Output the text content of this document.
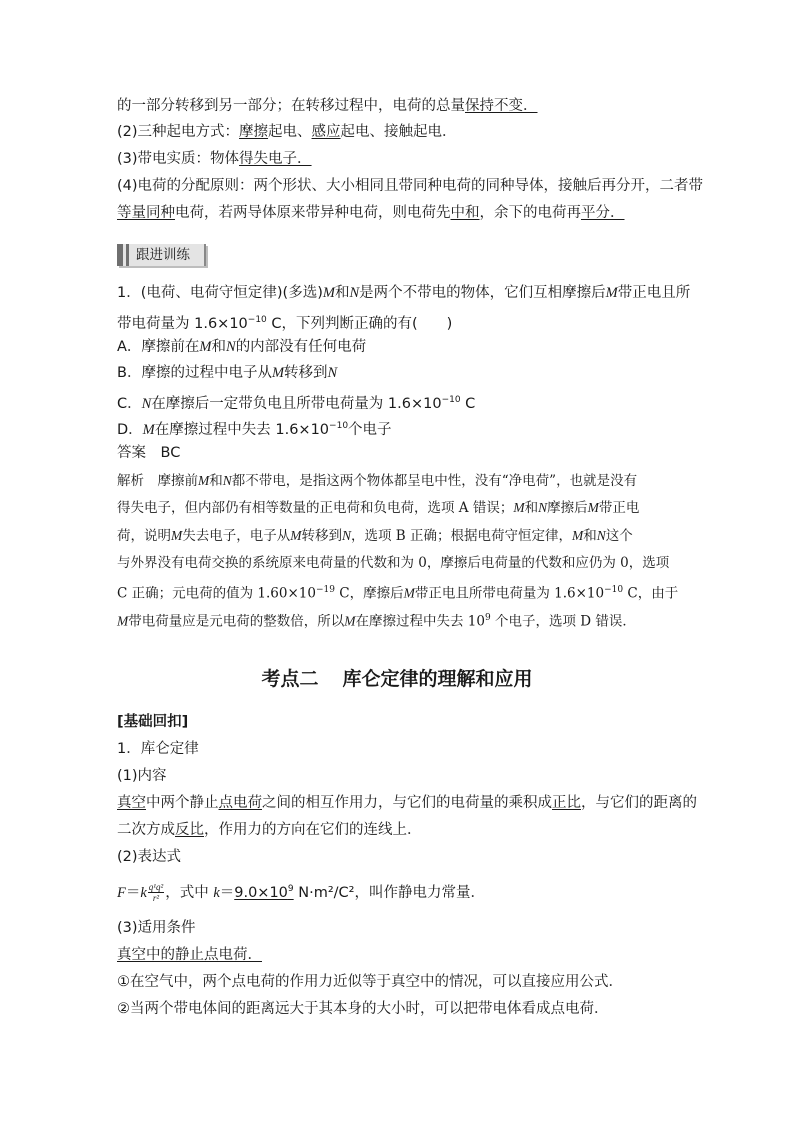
的一部分转移到另一部分；在转移过程中，电荷的总量保持不变．
(2)三种起电方式：摩擦起电、感应起电、接触起电．
(3)带电实质：物体得失电子．
(4)电荷的分配原则：两个形状、大小相同且带同种电荷的同种导体，接触后再分开，二者带
等量同种电荷，若两导体原来带异种电荷，则电荷先中和，余下的电荷再平分．
跟进训练
1．(电荷、电荷守恒定律)(多选)M和N是两个不带电的物体，它们互相摩擦后M带正电且所
带电荷量为 $1.6\times 10^{-10}$ C，下列判断正确的有(　　)
A．摩擦前在M和N的内部没有任何电荷
B．摩擦的过程中电子从M转移到N
C．N在摩擦后一定带负电且所带电荷量为 $1.6\times 10^{-10}$ C
D．M在摩擦过程中失去 $1.6\times 10^{-10}$个电子
答案　 BC
解析　 摩擦前M和N都不带电，是指这两个物体都呈电中性，没有“净电荷”，也就是没有
得失电子，但内部仍有相等数量的正电荷和负电荷，选项 A 错误；M和N摩擦后M带正电
荷，说明M失去电子，电子从M转移到N，选项 B 正确；根据电荷守恒定律，M和N这个
与外界没有电荷交换的系统原来电荷量的代数和为 0，摩擦后电荷量的代数和应仍为 0，选项
C 正确；元电荷的值为 $1.60\times 10^{-19}$ C，摩擦后M带正电且所带电荷量为 $1.6\times 10^{-10}$ C，由于
M带电荷量应是元电荷的整数倍，所以M在摩擦过程中失去 $10^9$ 个电子，选项 D 错误．
考点二 库仑定律的理解和应用
[基础回扣]
1．库仑定律
(1)内容
真空中两个静止点电荷之间的相互作用力，与它们的电荷量的乘积成正比，与它们的距离的
二次方成反比，作用力的方向在它们的连线上．
(2)表达式
$F=k \frac{\text{q¹q²}}{\text{r²}}$ ，式中 $k=9.0\times 10^9$ N·m²/C²，叫作静电力常量．
(3)适用条件
真空中的静止点电荷．
①在空气中，两个点电荷的作用力近似等于真空中的情况，可以直接应用公式．
②当两个带电体间的距离远大于其本身的大小时，可以把带电体看成点电荷．
